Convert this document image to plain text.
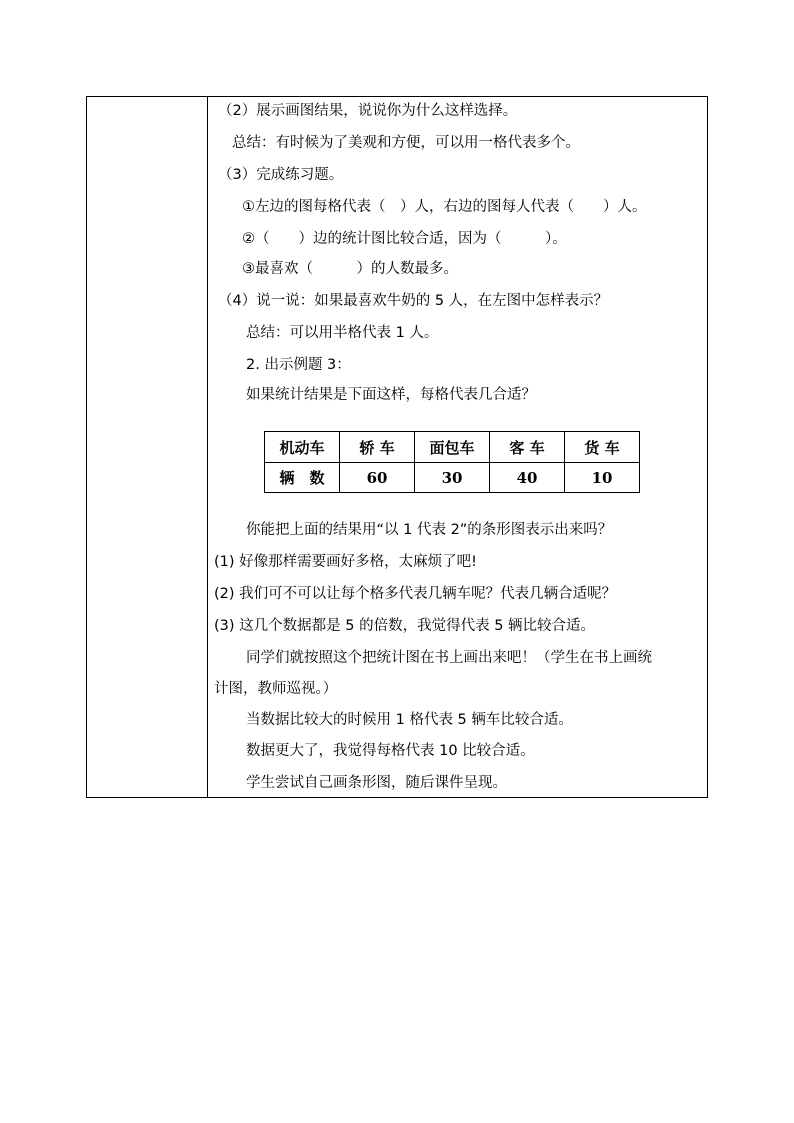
（2）展示画图结果，说说你为什么这样选择。
总结：有时候为了美观和方便，可以用一格代表多个。
（3）完成练习题。
①左边的图每格代表（　）人，右边的图每人代表（　　）人。
②（　　）边的统计图比较合适，因为（　　　）。
③最喜欢（　　　）的人数最多。
（4）说一说：如果最喜欢牛奶的 5 人，在左图中怎样表示？
总结：可以用半格代表 1 人。
2. 出示例题 3：
如果统计结果是下面这样，每格代表几合适？
机动车	轿 车	面包车	客 车	货 车
辆　数	60	30	40	10
你能把上面的结果用“以 1 代表 2”的条形图表示出来吗？
(1) 好像那样需要画好多格，太麻烦了吧!
(2) 我们可不可以让每个格多代表几辆车呢？代表几辆合适呢？
(3) 这几个数据都是 5 的倍数，我觉得代表 5 辆比较合适。
同学们就按照这个把统计图在书上画出来吧！（学生在书上画统
计图，教师巡视。）
当数据比较大的时候用 1 格代表 5 辆车比较合适。
数据更大了，我觉得每格代表 10 比较合适。
学生尝试自己画条形图，随后课件呈现。
